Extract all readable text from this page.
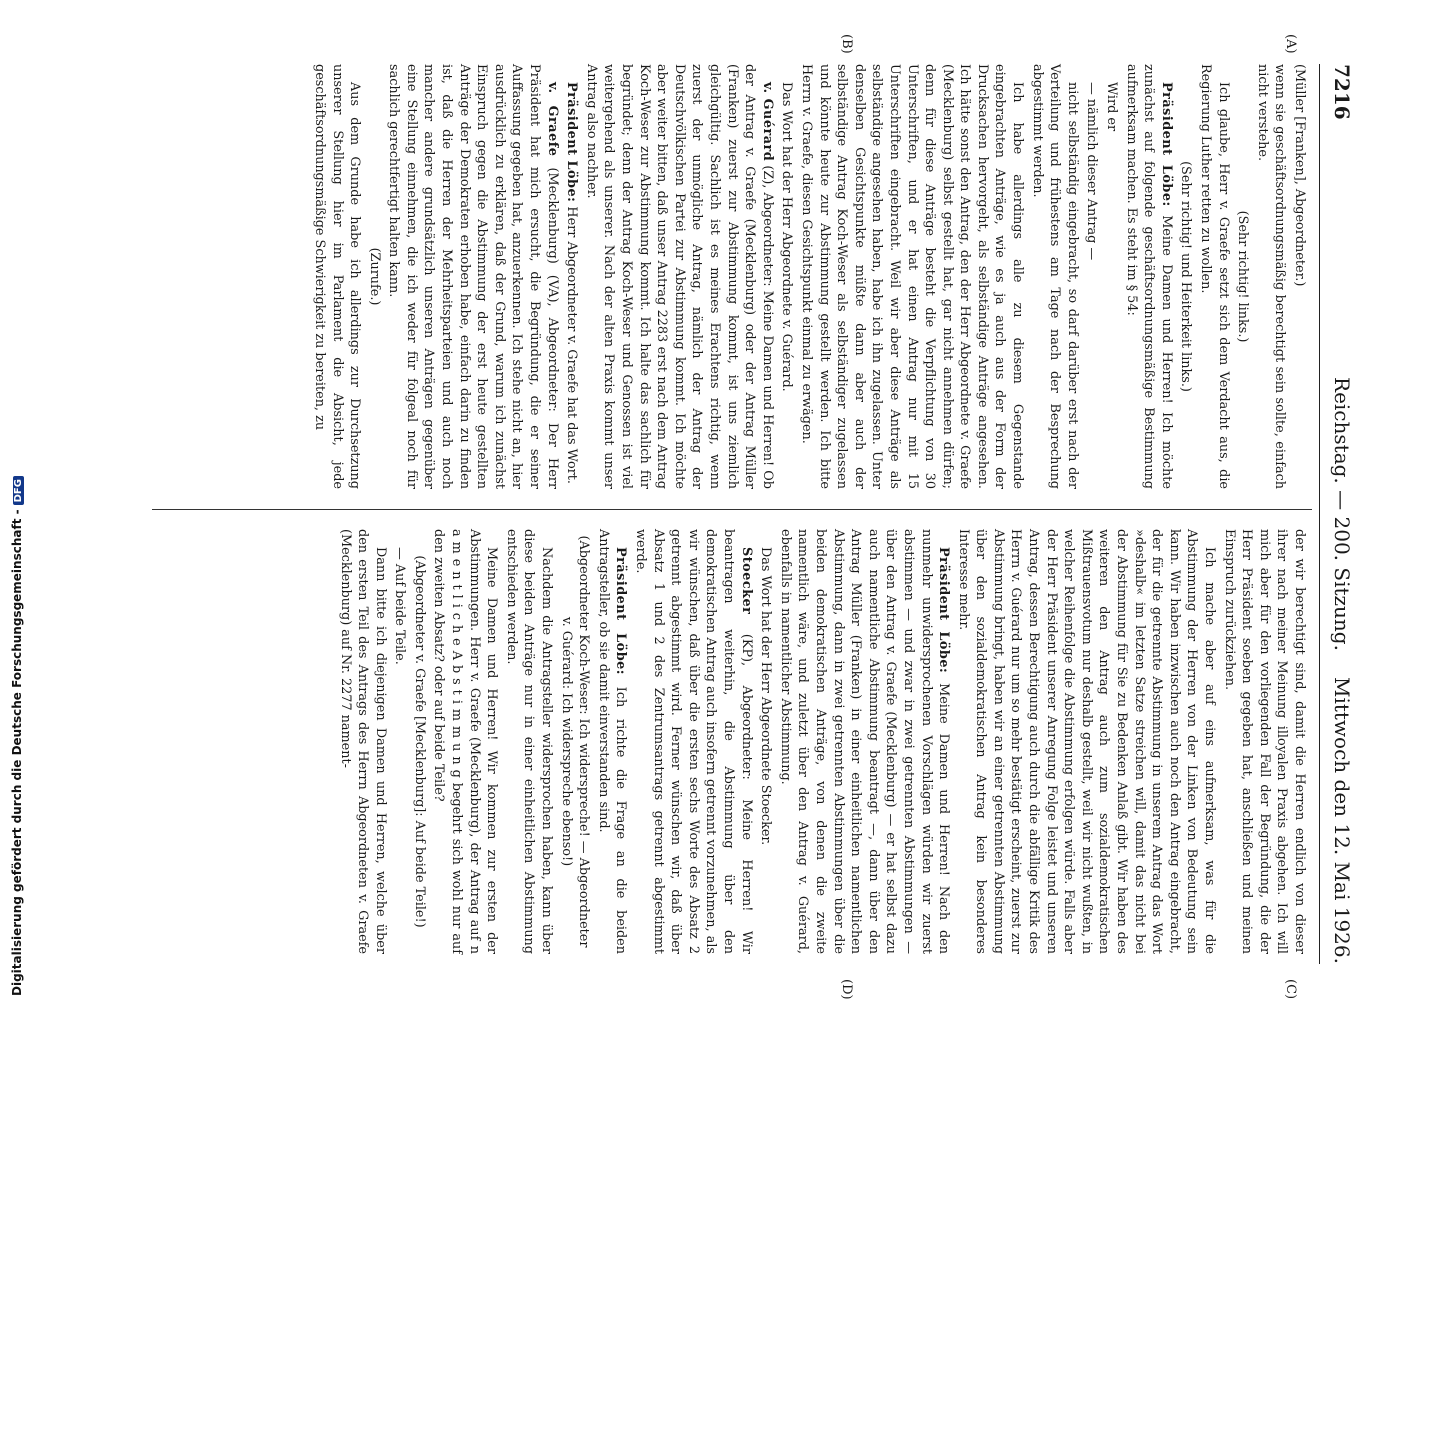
7216
Reichstag. — 200. Sitzung.
Mittwoch den 12. Mai 1926.
(A)
(B)
(C)
(D)

(Müller [Franken], Abgeordneter.)

wenn sie geschäftsordnungsmäßig berechtigt sein sollte, einfach nicht verstehe.

(Sehr richtig! links.)

Ich glaube, Herr v. Graefe setzt sich dem Verdacht aus, die Regierung Luther retten zu wollen.

(Sehr richtig! und Heiterkeit links.)

Präsident Löbe: Meine Damen und Herren! Ich möchte zunächst auf folgende geschäftsordnungsmäßige Bestimmung aufmerksam machen. Es steht im § 54:

Wird er

— nämlich dieser Antrag —

nicht selbständig eingebracht, so darf darüber erst nach der Verteilung und frühestens am Tage nach der Besprechung abgestimmt werden.

Ich habe allerdings alle zu diesem Gegenstande eingebrachten Anträge, wie es ja auch aus der Form der Drucksachen hervorgeht, als selbständige Anträge angesehen. Ich hätte sonst den Antrag, den der Herr Abgeordnete v. Graefe (Mecklenburg) selbst gestellt hat, gar nicht annehmen dürfen; denn für diese Anträge besteht die Verpflichtung von 30 Unterschriften, und er hat einen Antrag nur mit 15 Unterschriften eingebracht. Weil wir aber diese Anträge als selbständige angesehen haben, habe ich ihn zugelassen. Unter denselben Gesichtspunkte müßte dann aber auch der selbständige Antrag Koch-Weser als selbständiger zugelassen und könnte heute zur Abstimmung gestellt werden. Ich bitte Herrn v. Graefe, diesen Gesichtspunkt einmal zu erwägen.

Das Wort hat der Herr Abgeordnete v. Guérard.

v. Guérard (Z), Abgeordneter: Meine Damen und Herren! Ob der Antrag v. Graefe (Mecklenburg) oder der Antrag Müller (Franken) zuerst zur Abstimmung kommt, ist uns ziemlich gleichgültig. Sachlich ist es meines Erachtens richtig, wenn zuerst der unmögliche Antrag, nämlich der Antrag der Deutschvölkischen Partei zur Abstimmung kommt. Ich möchte aber weiter bitten, daß unser Antrag 2283 erst nach dem Antrag Koch-Weser zur Abstimmung kommt. Ich halte das sachlich für begründet; denn der Antrag Koch-Weser und Genossen ist viel weitergehend als unserer. Nach der alten Praxis kommt unser Antrag also nachher.

Präsident Löbe: Herr Abgeordneter v. Graefe hat das Wort.

v. Graefe (Mecklenburg) (VA), Abgeordneter: Der Herr Präsident hat mich ersucht, die Begründung, die er seiner Auffassung gegeben hat, anzuerkennen. Ich stehe nicht an, hier ausdrücklich zu erklären, daß der Grund, warum ich zunächst Einspruch gegen die Abstimmung der erst heute gestellten Anträge der Demokraten erhoben habe, einfach darin zu finden ist, daß die Herren der Mehrheitsparteien und auch noch mancher andere grundsätzlich unseren Anträgen gegenüber eine Stellung einnehmen, die ich weder für folgeal noch für sachlich gerechtfertigt halten kann.

(Zurufe.)

Aus dem Grunde habe ich allerdings zur Durchsetzung unserer Stellung hier im Parlament die Absicht, jede geschäftsordnungsmäßige Schwierigkeit zu bereiten, zu

der wir berechtigt sind, damit die Herren endlich von dieser ihrer nach meiner Meinung illoyalen Praxis abgehen. Ich will mich aber für den vorliegenden Fall der Begründung, die der Herr Präsident soeben gegeben hat, anschließen und meinen Einspruch zurückziehen.

Ich mache aber auf eins aufmerksam, was für die Abstimmung der Herren von der Linken von Bedeutung sein kann. Wir haben inzwischen auch noch den Antrag eingebracht, der für die getrennte Abstimmung in unserem Antrag das Wort »deshalb« im letzten Satze streichen will, damit das nicht bei der Abstimmung für Sie zu Bedenken Anlaß gibt. Wir haben des weiteren den Antrag auch zum sozialdemokratischen Mißtrauensvotum nur deshalb gestellt, weil wir nicht wußten, in welcher Reihenfolge die Abstimmung erfolgen würde. Falls aber der Herr Präsident unserer Anregung Folge leistet und unseren Antrag, dessen Berechtigung auch durch die abfällige Kritik des Herrn v. Guérard nur um so mehr bestätigt erscheint, zuerst zur Abstimmung bringt, haben wir an einer getrennten Abstimmung über den sozialdemokratischen Antrag kein besonderes Interesse mehr.

Präsident Löbe: Meine Damen und Herren! Nach den nunmehr unwidersprochenen Vorschlägen würden wir zuerst abstimmen — und zwar in zwei getrennten Abstimmungen — über den Antrag v. Graefe (Mecklenburg) — er hat selbst dazu auch namentliche Abstimmung beantragt —, dann über den Antrag Müller (Franken) in einer einheitlichen namentlichen Abstimmung, dann in zwei getrennten Abstimmungen über die beiden demokratischen Anträge, von denen die zweite namentlich wäre, und zuletzt über den Antrag v. Guérard, ebenfalls in namentlicher Abstimmung.

Das Wort hat der Herr Abgeordnete Stoecker.

Stoecker (KP), Abgeordneter: Meine Herren! Wir beantragen weiterhin, die Abstimmung über den demokratischen Antrag auch insofern getrennt vorzunehmen, als wir wünschen, daß über die ersten sechs Worte des Absatz 2 getrennt abgestimmt wird. Ferner wünschen wir, daß über Absatz 1 und 2 des Zentrumsantrags getrennt abgestimmt werde.

Präsident Löbe: Ich richte die Frage an die beiden Antragsteller, ob sie damit einverstanden sind.

(Abgeordneter Koch-Weser: Ich widerspreche! — Abgeordneter v. Guérard: Ich widerspreche ebenso!)

Nachdem die Antragsteller widersprochen haben, kann über diese beiden Anträge nur in einer einheitlichen Abstimmung entschieden werden.

Meine Damen und Herren! Wir kommen zur ersten der Abstimmungen. Herr v. Graefe (Mecklenburg), der Antrag auf n a m e n t l i c h e A b s t i m m u n g begehrt sich wohl nur auf den zweiten Absatz? oder auf beide Teile?

(Abgeordneter v. Graefe [Mecklenburg]: Auf beide Teile!)

— Auf beide Teile.

Dann bitte ich diejenigen Damen und Herren, welche über den ersten Teil des Antrags des Herrn Abgeordneten v. Graefe (Mecklenburg) auf Nr. 2277 nament-

Digitalisierung gefördert durch die Deutsche Forschungsgemeinschaft -DFG
